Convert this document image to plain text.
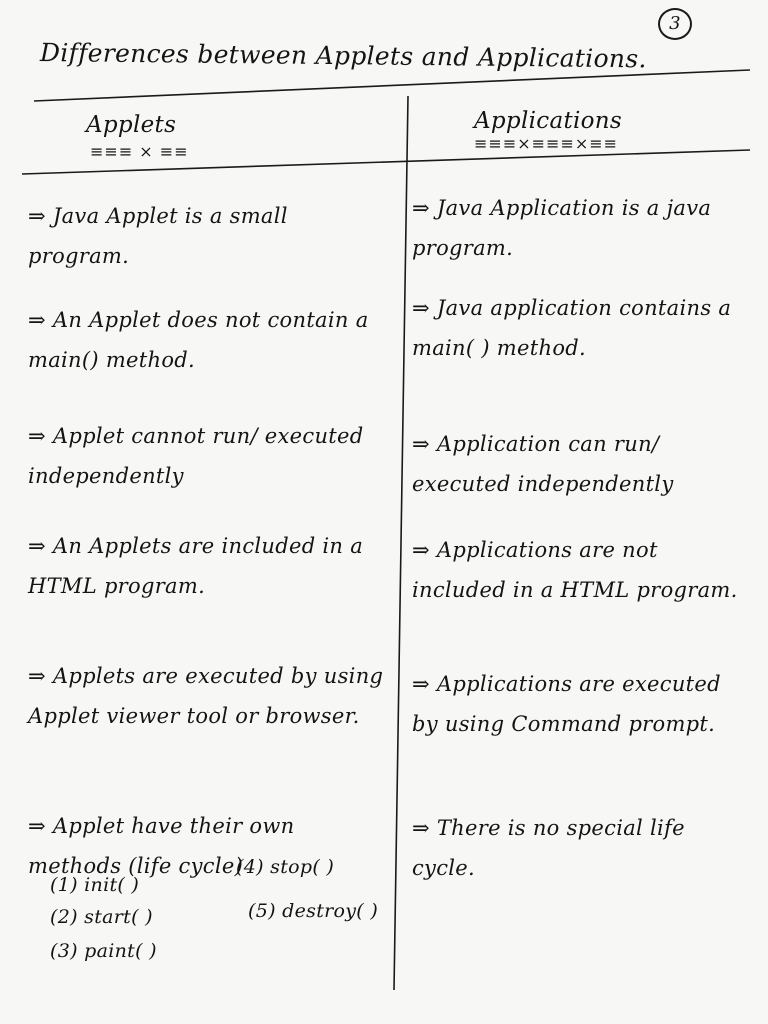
3
Differences between Applets and Applications.
Applets	Applications
≡≡≡ × ≡≡	≡≡≡×≡≡≡×≡≡
⇒ Java Applet is a small program.
⇒ Java Application is a java program.
⇒ An Applet does not contain a main() method.
⇒ Java application contains a main( ) method.
⇒ Applet cannot run/ executed independently
⇒ Application can run/ executed independently
⇒ An Applets are included in a HTML program.
⇒ Applications are not included in a HTML program.
⇒ Applets are executed by using Applet viewer tool or browser.
⇒ Applications are executed by using Command prompt.
⇒ Applet have their own methods (life cycle)
⇒ There is no special life cycle.
(1) init( )
(2) start( )
(3) paint( )
(4) stop( )
(5) destroy( )
